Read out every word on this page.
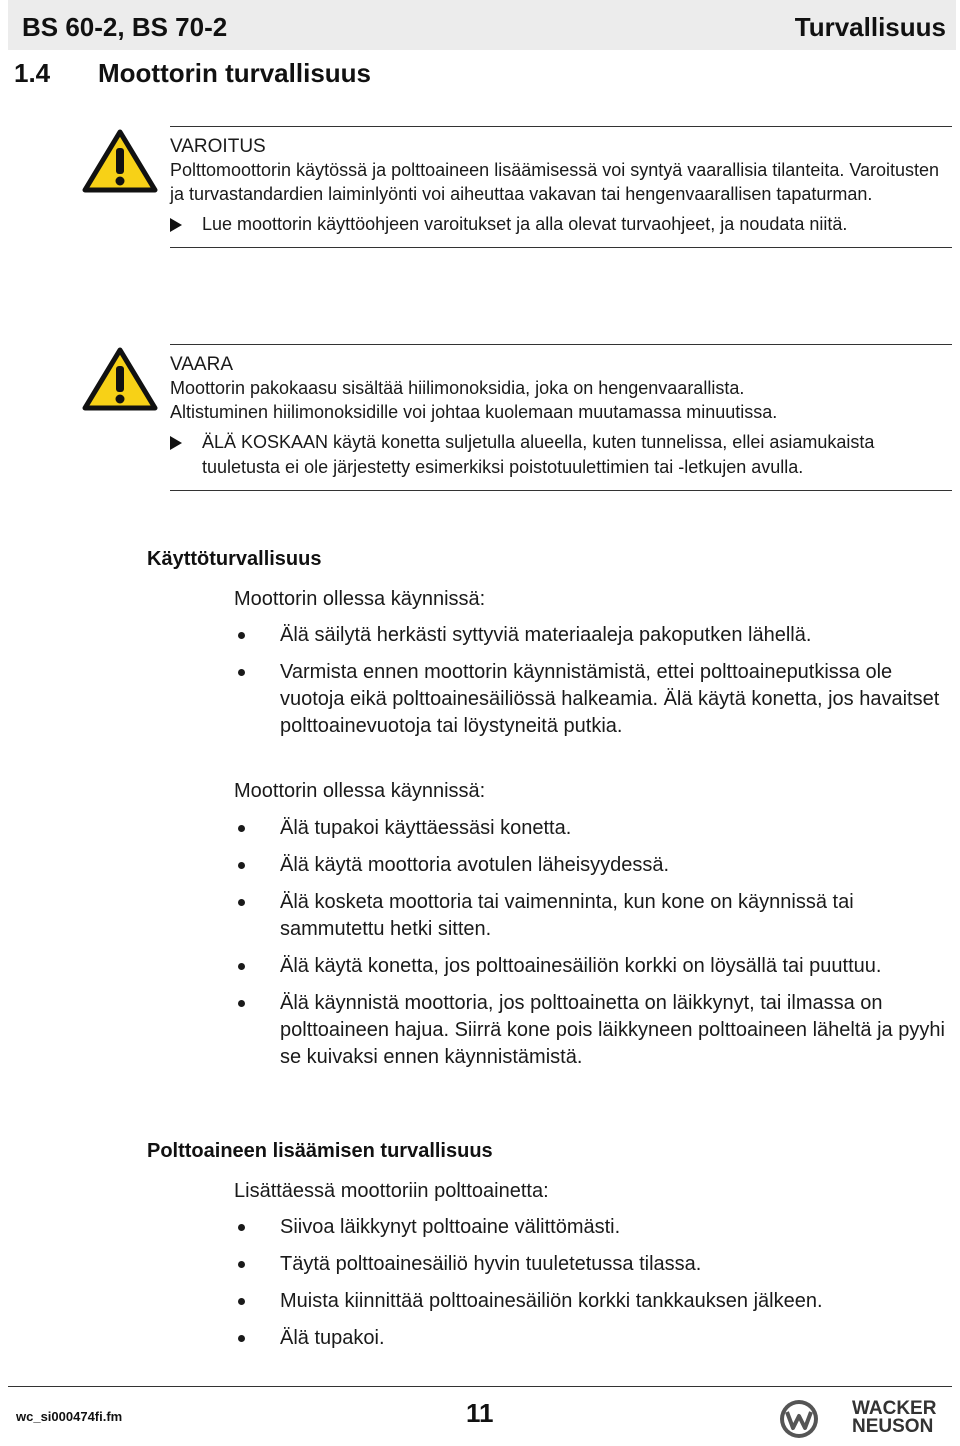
BS 60-2, BS 70-2	Turvallisuus
1.4 Moottorin turvallisuus
VAROITUS
Polttomoottorin käytössä ja polttoaineen lisäämisessä voi syntyä vaarallisia tilanteita. Varoitusten ja turvastandardien laiminlyönti voi aiheuttaa vakavan tai hengenvaarallisen tapaturman.
Lue moottorin käyttöohjeen varoitukset ja alla olevat turvaohjeet, ja noudata niitä.
VAARA
Moottorin pakokaasu sisältää hiilimonoksidia, joka on hengenvaarallista.
Altistuminen hiilimonoksidille voi johtaa kuolemaan muutamassa minuutissa.
ÄLÄ KOSKAAN käytä konetta suljetulla alueella, kuten tunnelissa, ellei asiamukaista tuuletusta ei ole järjestetty esimerkiksi poistotuulettimien tai -letkujen avulla.
Käyttöturvallisuus
Moottorin ollessa käynnissä:
Älä säilytä herkästi syttyviä materiaaleja pakoputken lähellä.
Varmista ennen moottorin käynnistämistä, ettei polttoaineputkissa ole vuotoja eikä polttoainesäiliössä halkeamia. Älä käytä konetta, jos havaitset polttoainevuotoja tai löystyneitä putkia.
Moottorin ollessa käynnissä:
Älä tupakoi käyttäessäsi konetta.
Älä käytä moottoria avotulen läheisyydessä.
Älä kosketa moottoria tai vaimenninta, kun kone on käynnissä tai sammutettu hetki sitten.
Älä käytä konetta, jos polttoainesäiliön korkki on löysällä tai puuttuu.
Älä käynnistä moottoria, jos polttoainetta on läikkynyt, tai ilmassa on polttoaineen hajua. Siirrä kone pois läikkyneen polttoaineen läheltä ja pyyhi se kuivaksi ennen käynnistämistä.
Polttoaineen lisäämisen turvallisuus
Lisättäessä moottoriin polttoainetta:
Siivoa läikkynyt polttoaine välittömästi.
Täytä polttoainesäiliö hyvin tuuletetussa tilassa.
Muista kiinnittää polttoainesäiliön korkki tankkauksen jälkeen.
Älä tupakoi.
wc_si000474fi.fm	11	WACKER
NEUSON
